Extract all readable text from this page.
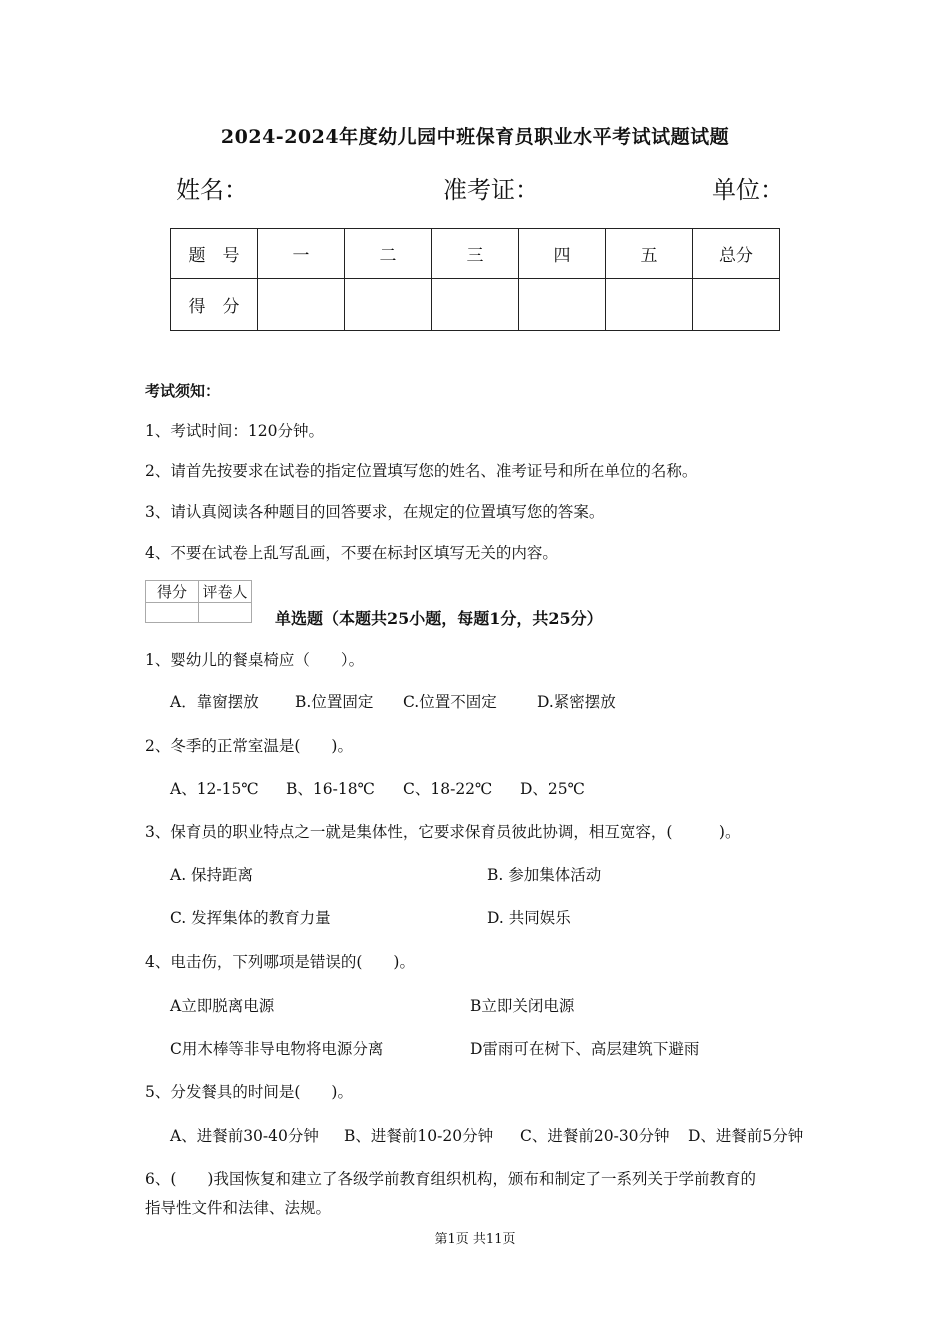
2024-2024年度幼儿园中班保育员职业水平考试试题试题
姓名：	准考证：	单位：
题　号	一	二	三	四	五	总分
得　分						
考试须知：
1、考试时间：120分钟。
2、请首先按要求在试卷的指定位置填写您的姓名、准考证号和所在单位的名称。
3、请认真阅读各种题目的回答要求，在规定的位置填写您的答案。
4、不要在试卷上乱写乱画，不要在标封区填写无关的内容。
得分	评卷人

单选题（本题共25小题，每题1分，共25分）
1、婴幼儿的餐桌椅应（　　）。
A．靠窗摆放 B.位置固定 C.位置不固定	D.紧密摆放
2、冬季的正常室温是(　　)。
A、12-15℃ B、16-18℃ C、18-22℃ D、25℃
3、保育员的职业特点之一就是集体性，它要求保育员彼此协调，相互宽容，(　　　)。
A. 保持距离	B. 参加集体活动
C. 发挥集体的教育力量	D. 共同娱乐
4、电击伤，下列哪项是错误的(　　)。
A立即脱离电源	B立即关闭电源
C用木棒等非导电物将电源分离	D雷雨可在树下、高层建筑下避雨
5、分发餐具的时间是(　　)。
A、进餐前30-40分钟 B、进餐前10-20分钟 C、进餐前20-30分钟 D、进餐前5分钟
6、(　　)我国恢复和建立了各级学前教育组织机构，颁布和制定了一系列关于学前教育的
指导性文件和法律、法规。
第1页 共11页
